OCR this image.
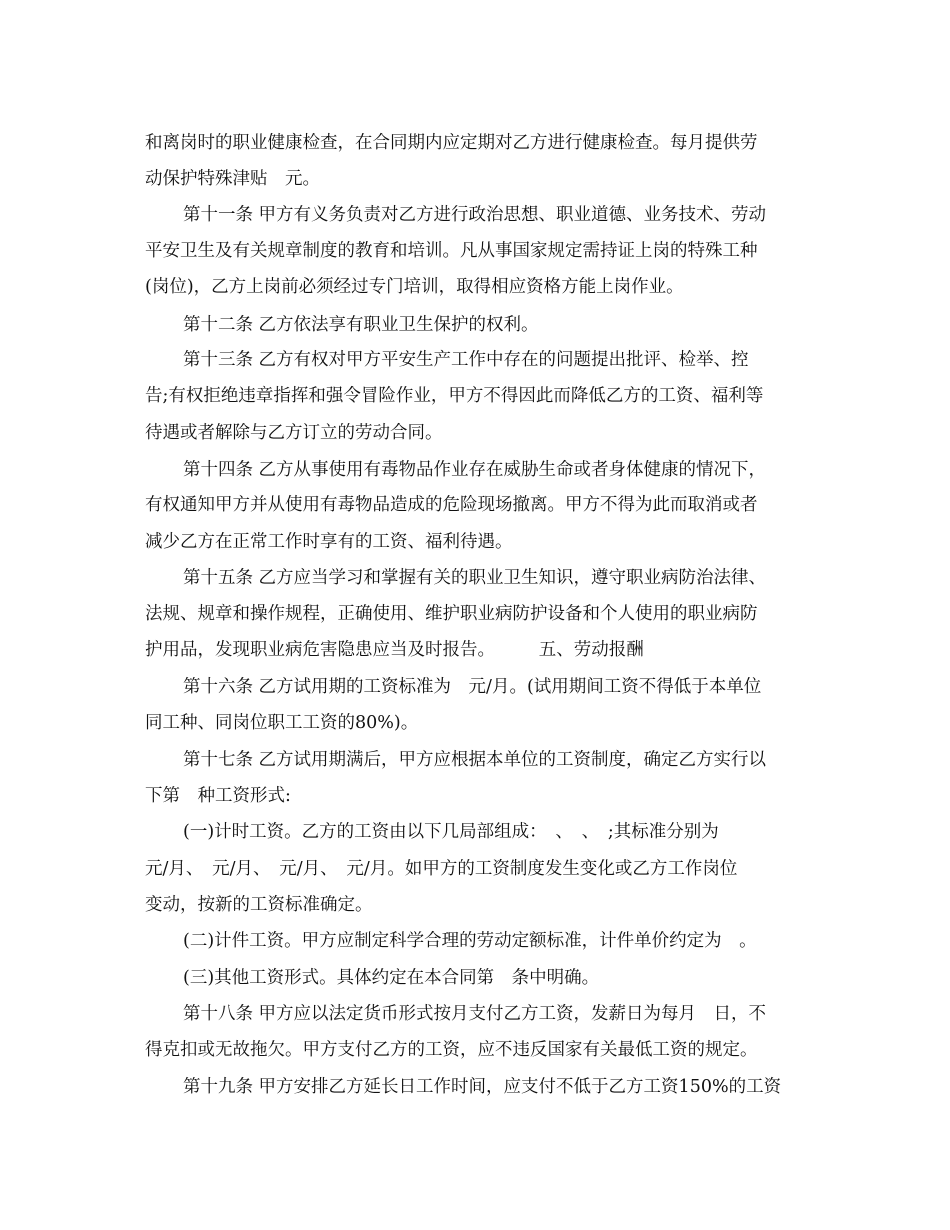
和离岗时的职业健康检查，在合同期内应定期对乙方进行健康检查。每月提供劳
动保护特殊津贴　元。
第十一条 甲方有义务负责对乙方进行政治思想、职业道德、业务技术、劳动
平安卫生及有关规章制度的教育和培训。凡从事国家规定需持证上岗的特殊工种
(岗位)，乙方上岗前必须经过专门培训，取得相应资格方能上岗作业。
第十二条 乙方依法享有职业卫生保护的权利。
第十三条 乙方有权对甲方平安生产工作中存在的问题提出批评、检举、控
告;有权拒绝违章指挥和强令冒险作业，甲方不得因此而降低乙方的工资、福利等
待遇或者解除与乙方订立的劳动合同。
第十四条 乙方从事使用有毒物品作业存在威胁生命或者身体健康的情况下，
有权通知甲方并从使用有毒物品造成的危险现场撤离。甲方不得为此而取消或者
减少乙方在正常工作时享有的工资、福利待遇。
第十五条 乙方应当学习和掌握有关的职业卫生知识，遵守职业病防治法律、
法规、规章和操作规程，正确使用、维护职业病防护设备和个人使用的职业病防
护用品，发现职业病危害隐患应当及时报告。　　　五、劳动报酬
第十六条 乙方试用期的工资标准为　元/月。(试用期间工资不得低于本单位
同工种、同岗位职工工资的80%)。
第十七条 乙方试用期满后，甲方应根据本单位的工资制度，确定乙方实行以
下第　种工资形式:
(一)计时工资。乙方的工资由以下几局部组成：　、　、　;其标准分别为
元/月、　元/月、　元/月、　元/月。如甲方的工资制度发生变化或乙方工作岗位
变动，按新的工资标准确定。
(二)计件工资。甲方应制定科学合理的劳动定额标准，计件单价约定为　。
(三)其他工资形式。具体约定在本合同第　条中明确。
第十八条 甲方应以法定货币形式按月支付乙方工资，发薪日为每月　日，不
得克扣或无故拖欠。甲方支付乙方的工资，应不违反国家有关最低工资的规定。
第十九条 甲方安排乙方延长日工作时间，应支付不低于乙方工资150%的工资
